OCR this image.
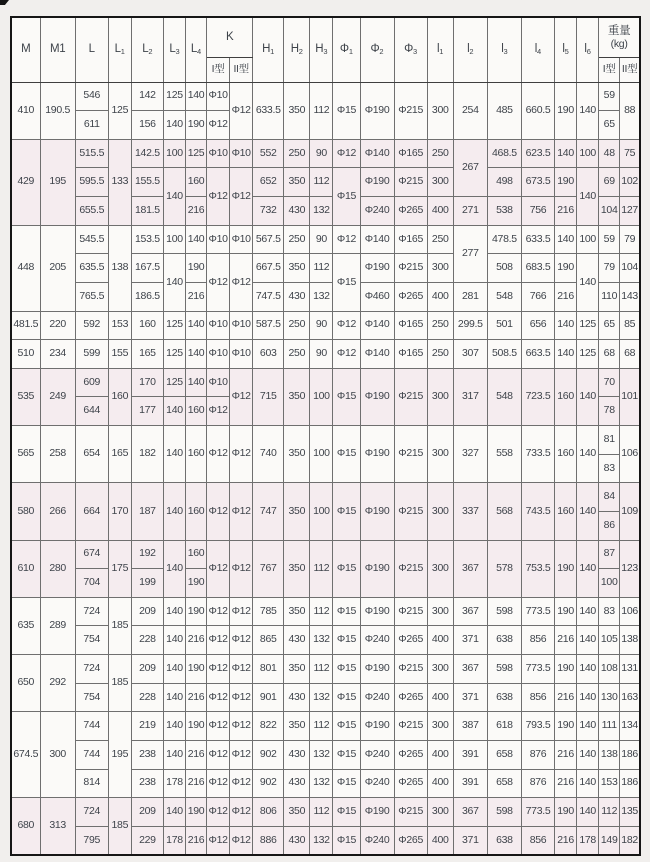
M	M1	L	$L_1$	$L_2$	$L_3$	$L_4$	K		$H_1$	$H_2$	$H_3$	$\Phi_1$	$\Phi_2$	$\Phi_3$	$l_1$	$l_2$	$l_3$	$l_4$	$l_5$	$l_6$	重量
(kg)	

							I型	II型													I型	II型
410	190.5	546	125	142	125	140	Φ10	Φ12	633.5	350	112	Φ15	Φ190	Φ215	300	254	485	660.5	190	140	59	88
		611		156	140	190	Φ12														65	
429	195	515.5	133	142.5	100	125	Φ10	Φ10	552	250	90	Φ12	Φ140	Φ165	250	267	468.5	623.5	140	100	48	75
		595.5		155.5	140	160	Φ12	Φ12	652	350	112	Φ15	Φ190	Φ215	300		498	673.5	190	140	69	102
		655.5		181.5		216			732	430	132		Φ240	Φ265	400	271	538	756	216		104	127
448	205	545.5	138	153.5	100	140	Φ10	Φ10	567.5	250	90	Φ12	Φ140	Φ165	250	277	478.5	633.5	140	100	59	79
		635.5		167.5	140	190	Φ12	Φ12	667.5	350	112	Φ15	Φ190	Φ215	300		508	683.5	190	140	79	104
		765.5		186.5		216			747.5	430	132		Φ460	Φ265	400	281	548	766	216		110	143
481.5	220	592	153	160	125	140	Φ10	Φ10	587.5	250	90	Φ12	Φ140	Φ165	250	299.5	501	656	140	125	65	85
510	234	599	155	165	125	140	Φ10	Φ10	603	250	90	Φ12	Φ140	Φ165	250	307	508.5	663.5	140	125	68	68
535	249	609	160	170	125	140	Φ10	Φ12	715	350	100	Φ15	Φ190	Φ215	300	317	548	723.5	160	140	70	101
		644		177	140	160	Φ12														78	
565	258	654	165	182	140	160	Φ12	Φ12	740	350	100	Φ15	Φ190	Φ215	300	327	558	733.5	160	140	81	106
																					83	
580	266	664	170	187	140	160	Φ12	Φ12	747	350	100	Φ15	Φ190	Φ215	300	337	568	743.5	160	140	84	109
																					86	
610	280	674	175	192	140	160	Φ12	Φ12	767	350	112	Φ15	Φ190	Φ215	300	367	578	753.5	190	140	87	123
		704		199		190															100	
635	289	724	185	209	140	190	Φ12	Φ12	785	350	112	Φ15	Φ190	Φ215	300	367	598	773.5	190	140	83	106
		754		228	140	216	Φ12	Φ12	865	430	132	Φ15	Φ240	Φ265	400	371	638	856	216	140	105	138
650	292	724	185	209	140	190	Φ12	Φ12	801	350	112	Φ15	Φ190	Φ215	300	367	598	773.5	190	140	108	131
		754		228	140	216	Φ12	Φ12	901	430	132	Φ15	Φ240	Φ265	400	371	638	856	216	140	130	163
674.5	300	744	195	219	140	190	Φ12	Φ12	822	350	112	Φ15	Φ190	Φ215	300	387	618	793.5	190	140	111	134
		744		238	140	216	Φ12	Φ12	902	430	132	Φ15	Φ240	Φ265	400	391	658	876	216	140	138	186
		814		238	178	216	Φ12	Φ12	902	430	132	Φ15	Φ240	Φ265	400	391	658	876	216	140	153	186
680	313	724	185	209	140	190	Φ12	Φ12	806	350	112	Φ15	Φ190	Φ215	300	367	598	773.5	190	140	112	135
		795		229	178	216	Φ12	Φ12	886	430	132	Φ15	Φ240	Φ265	400	371	638	856	216	178	149	182
